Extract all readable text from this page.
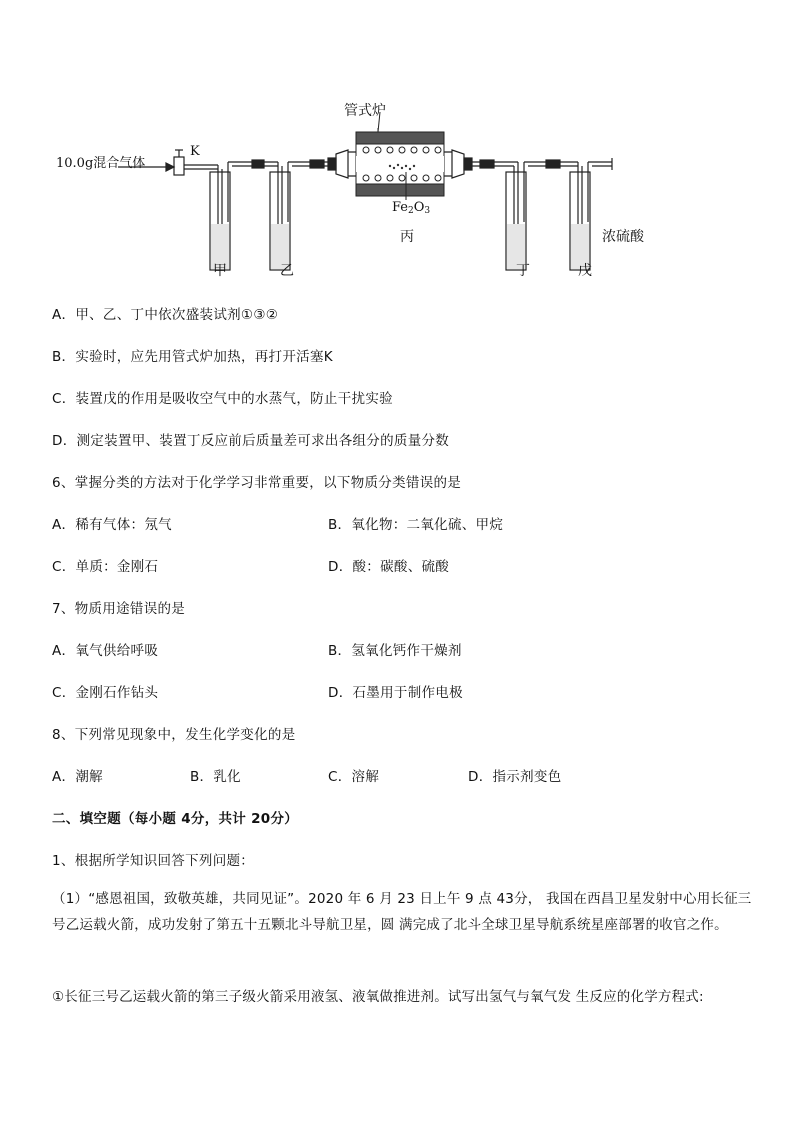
管式炉
10.0g混合气体
K
$Fe_2O_3$
丙
甲	乙	丁	戊
浓硫酸
A．甲、乙、丁中依次盛装试剂①③②
B．实验时，应先用管式炉加热，再打开活塞K
C．装置戊的作用是吸收空气中的水蒸气，防止干扰实验
D．测定装置甲、装置丁反应前后质量差可求出各组分的质量分数
6、掌握分类的方法对于化学学习非常重要，以下物质分类错误的是
A．稀有气体：氖气	B．氧化物：二氧化硫、甲烷
C．单质：金刚石	D．酸：碳酸、硫酸
7、物质用途错误的是
A．氧气供给呼吸	B．氢氧化钙作干燥剂
C．金刚石作钻头	D．石墨用于制作电极
8、下列常见现象中，发生化学变化的是
A．潮解	B．乳化	C．溶解	D．指示剂变色
二、填空题（每小题 4分，共计 20分）
1、根据所学知识回答下列问题：
（1）“感恩祖国，致敬英雄，共同见证”。2020 年 6 月 23 日上午 9 点 43分， 我国在西昌卫星发射中心用长征三号乙运载火箭，成功发射了第五十五颗北斗导航卫星，圆 满完成了北斗全球卫星导航系统星座部署的收官之作。
①长征三号乙运载火箭的第三子级火箭采用液氢、液氧做推进剂。试写出氢气与氧气发 生反应的化学方程式:
